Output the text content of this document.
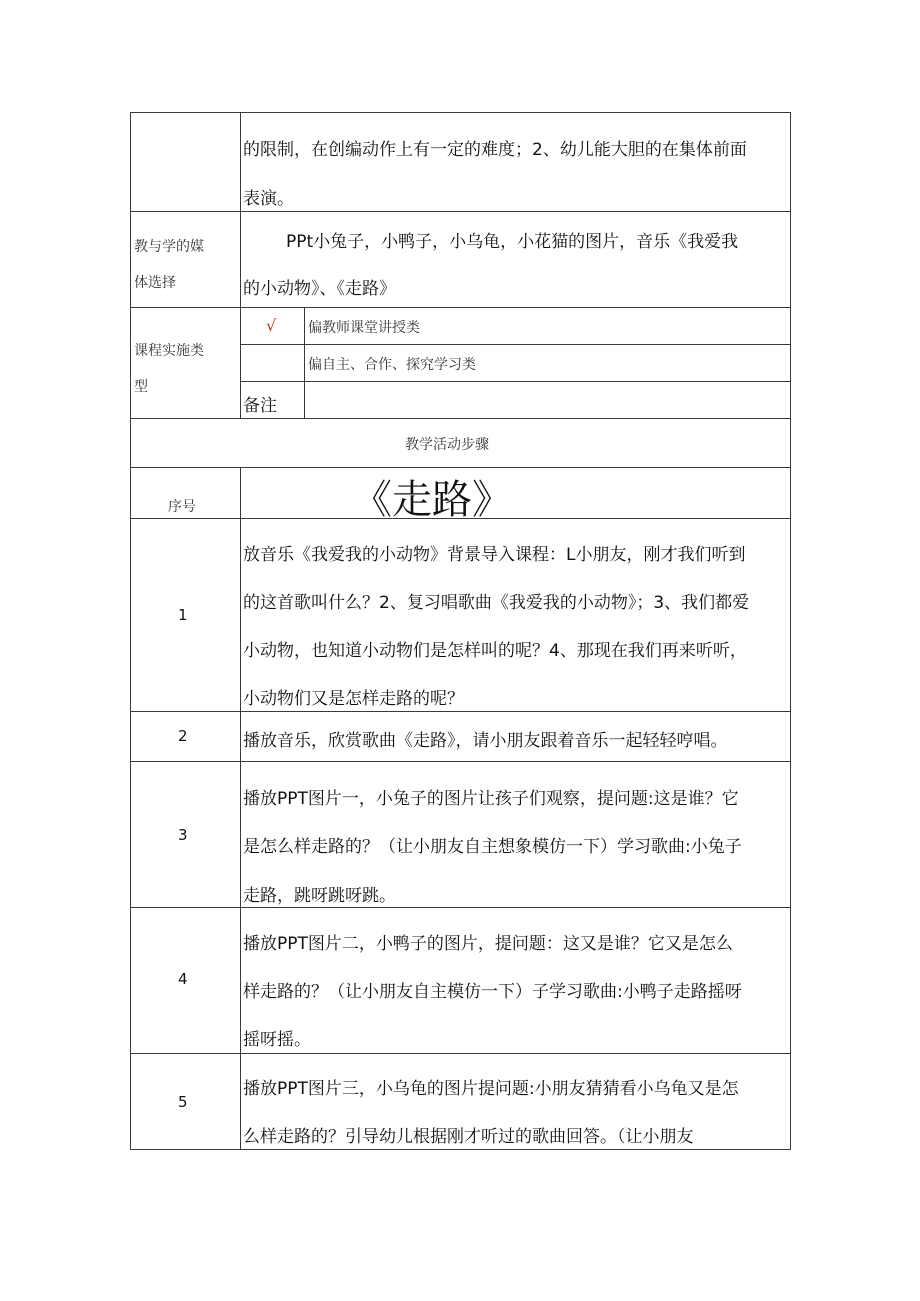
的限制，在创编动作上有一定的难度；2、幼儿能大胆的在集体前面
表演。
教与学的媒
体选择
PPt小兔子，小鸭子，小乌龟，小花猫的图片，音乐《我爱我
的小动物》、《走路》
课程实施类
型
√ 偏教师课堂讲授类
偏自主、合作、探究学习类
备注
教学活动步骤
序号	《走路》
1
放音乐《我爱我的小动物》背景导入课程：L小朋友，刚才我们听到
的这首歌叫什么？2、复习唱歌曲《我爱我的小动物》；3、我们都爱
小动物，也知道小动物们是怎样叫的呢？4、那现在我们再来听听，
小动物们又是怎样走路的呢？
2	播放音乐，欣赏歌曲《走路》，请小朋友跟着音乐一起轻轻哼唱。
3
播放PPT图片一，小兔子的图片让孩子们观察，提问题:这是谁？它
是怎么样走路的？（让小朋友自主想象模仿一下）学习歌曲:小兔子
走路，跳呀跳呀跳。
4
播放PPT图片二，小鸭子的图片，提问题：这又是谁？它又是怎么
样走路的？（让小朋友自主模仿一下）子学习歌曲:小鸭子走路摇呀
摇呀摇。
5
播放PPT图片三，小乌龟的图片提问题:小朋友猜猜看小乌龟又是怎
么样走路的？引导幼儿根据刚才听过的歌曲回答。（让小朋友
